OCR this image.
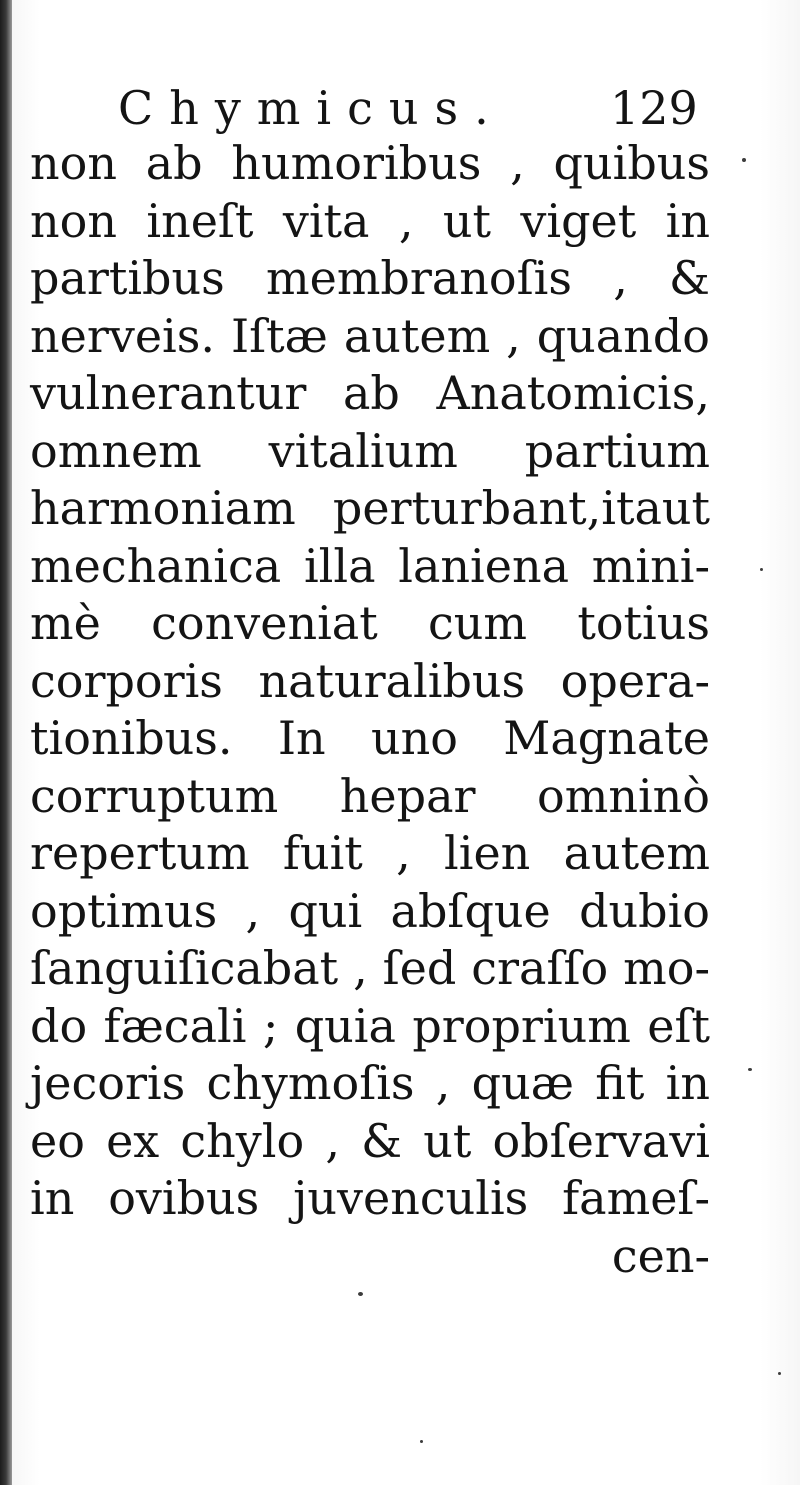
Chymicus. 129
non ab humoribus , quibus
non ineſt vita , ut viget in
partibus membranoſis , &
nerveis. Iſtæ autem , quando
vulnerantur ab Anatomicis,
omnem vitalium partium
harmoniam perturbant,itaut
mechanica illa laniena mini-
mè conveniat cum totius
corporis naturalibus opera-
tionibus. In uno Magnate
corruptum hepar omninò
repertum fuit , lien autem
optimus , qui abſque dubio
ſanguiſicabat , ſed craſſo mo-
do fæcali ; quia proprium eſt
jecoris chymoſis , quæ fit in
eo ex chylo , & ut obſervavi
in ovibus juvenculis fameſ-
cen-
